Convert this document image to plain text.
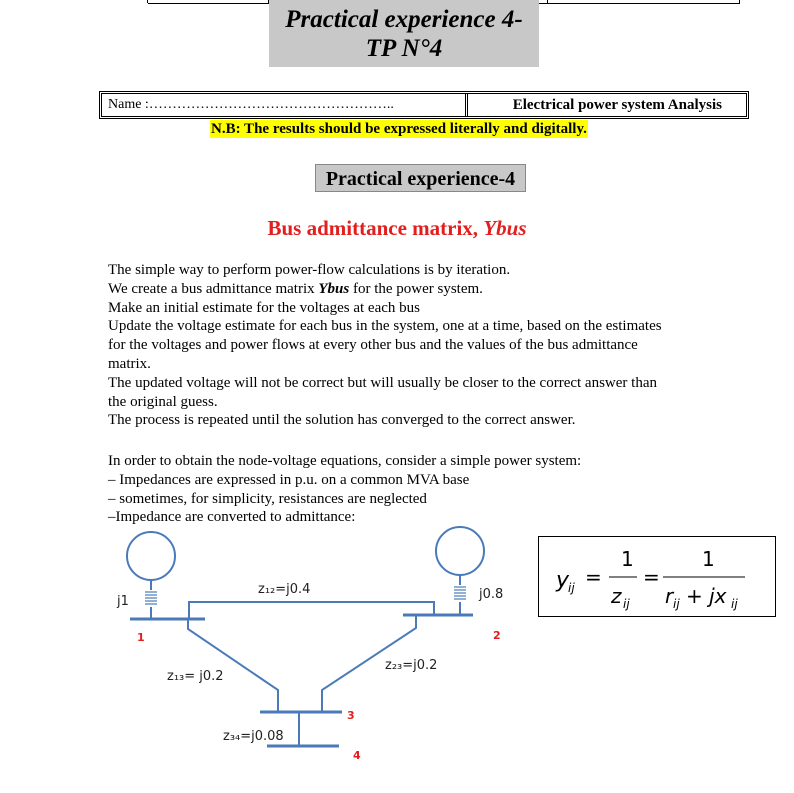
Practical experience 4-
TP N°4
Name :……………………………………………..	Electrical power system Analysis
N.B: The results should be expressed literally and digitally.
Practical experience-4
Bus admittance matrix, Ybus
The simple way to perform power-flow calculations is by iteration.
We create a bus admittance matrix Ybus for the power system.
Make an initial estimate for the voltages at each bus
Update the voltage estimate for each bus in the system, one at a time, based on the estimates
for the voltages and power flows at every other bus and the values of the bus admittance
matrix.
The updated voltage will not be correct but will usually be closer to the correct answer than
the original guess.
The process is repeated until the solution has converged to the correct answer.
In order to obtain the node-voltage equations, consider a simple power system:
– Impedances are expressed in p.u. on a common MVA base
– sometimes, for simplicity, resistances are neglected
–Impedance are converted to admittance:
j1	j0.8
z₁₂=j0.4
z₁₃= j0.2
z₂₃=j0.2
z₃₄=j0.08
1	2
3
4
y
ij =
1
z ij
=
1
r ij + jx ij
